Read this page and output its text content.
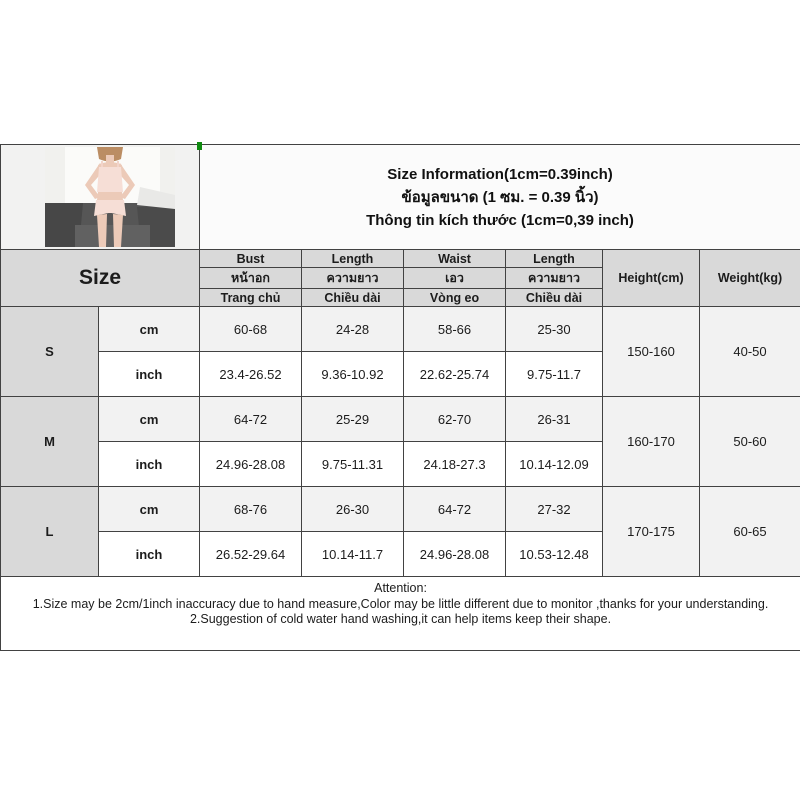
Size Information(1cm=0.39inch)
ข้อมูลขนาด (1 ซม. = 0.39 นิ้ว)
Thông tin kích thước (1cm=0,39 inch)					

Size		Bust	Length	Waist	Length	Height(cm)	Weight(kg)
		หน้าอก	ความยาว	เอว	ความยาว		
		Trang chủ	Chiều dài	Vòng eo	Chiều dài		
S	cm	60-68	24-28	58-66	25-30	150-160	40-50
	inch	23.4-26.52	9.36-10.92	22.62-25.74	9.75-11.7		
M	cm	64-72	25-29	62-70	26-31	160-170	50-60
	inch	24.96-28.08	9.75-11.31	24.18-27.3	10.14-12.09		
L	cm	68-76	26-30	64-72	27-32	170-175	60-65
	inch	26.52-29.64	10.14-11.7	24.96-28.08	10.53-12.48		

Attention:
1.Size may be 2cm/1inch inaccuracy due to hand measure,Color may be little different due to monitor ,thanks for your understanding.
2.Suggestion of cold water hand washing,it can help items keep their shape.							
